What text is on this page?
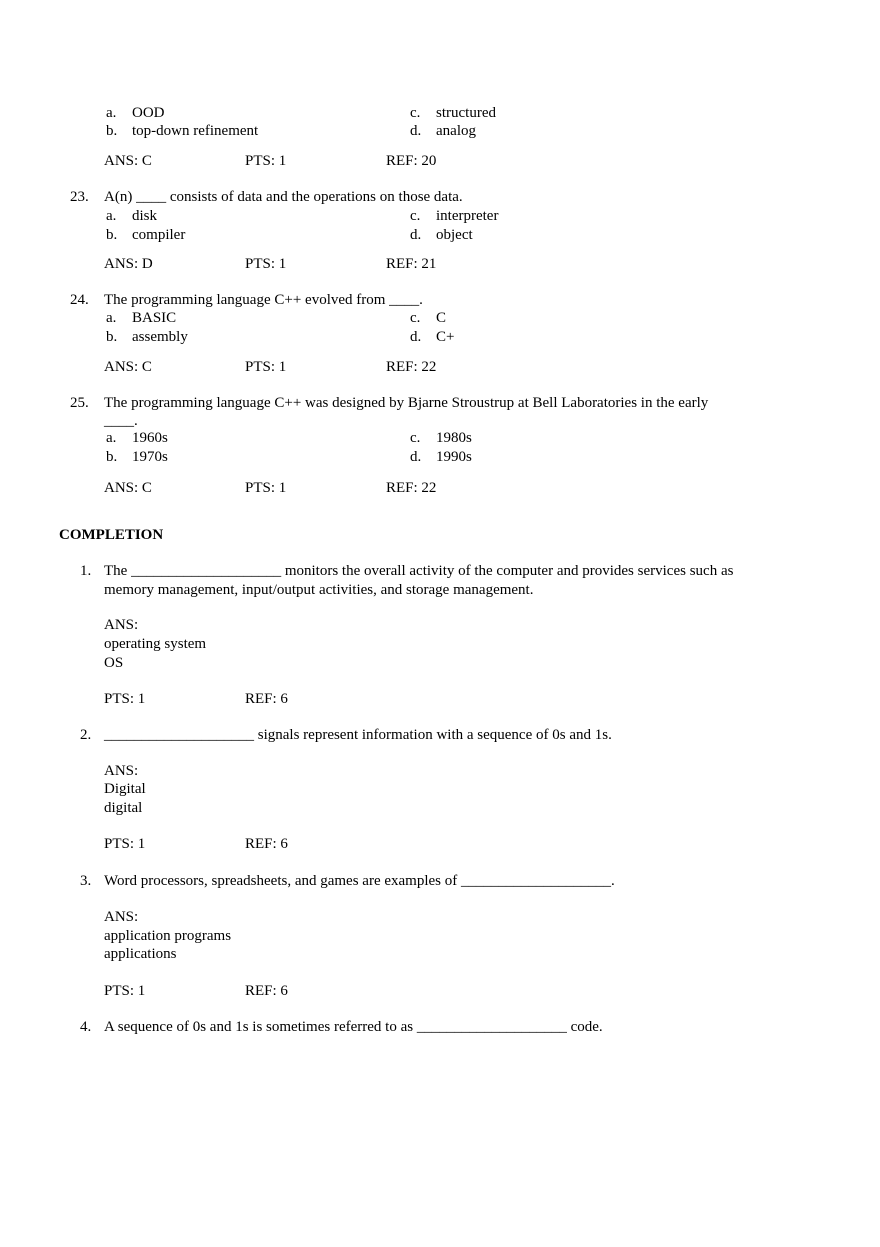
a. OOD	c. structured
b. top-down refinement	d. analog
ANS: C	PTS: 1	REF: 20
23. A(n) ____ consists of data and the operations on those data.
a. disk	c. interpreter
b. compiler	d. object
ANS: D	PTS: 1	REF: 21
24. The programming language C++ evolved from ____.
a. BASIC	c. C
b. assembly	d. C+
ANS: C	PTS: 1	REF: 22
25. The programming language C++ was designed by Bjarne Stroustrup at Bell Laboratories in the early
____.
a. 1960s	c. 1980s
b. 1970s	d. 1990s
ANS: C	PTS: 1	REF: 22
COMPLETION
1. The ____________________ monitors the overall activity of the computer and provides services such as
memory management, input/output activities, and storage management.
ANS:
operating system
OS
PTS: 1	REF: 6
2. ____________________ signals represent information with a sequence of 0s and 1s.
ANS:
Digital
digital
PTS: 1	REF: 6
3. Word processors, spreadsheets, and games are examples of ____________________.
ANS:
application programs
applications
PTS: 1	REF: 6
4. A sequence of 0s and 1s is sometimes referred to as ____________________ code.
